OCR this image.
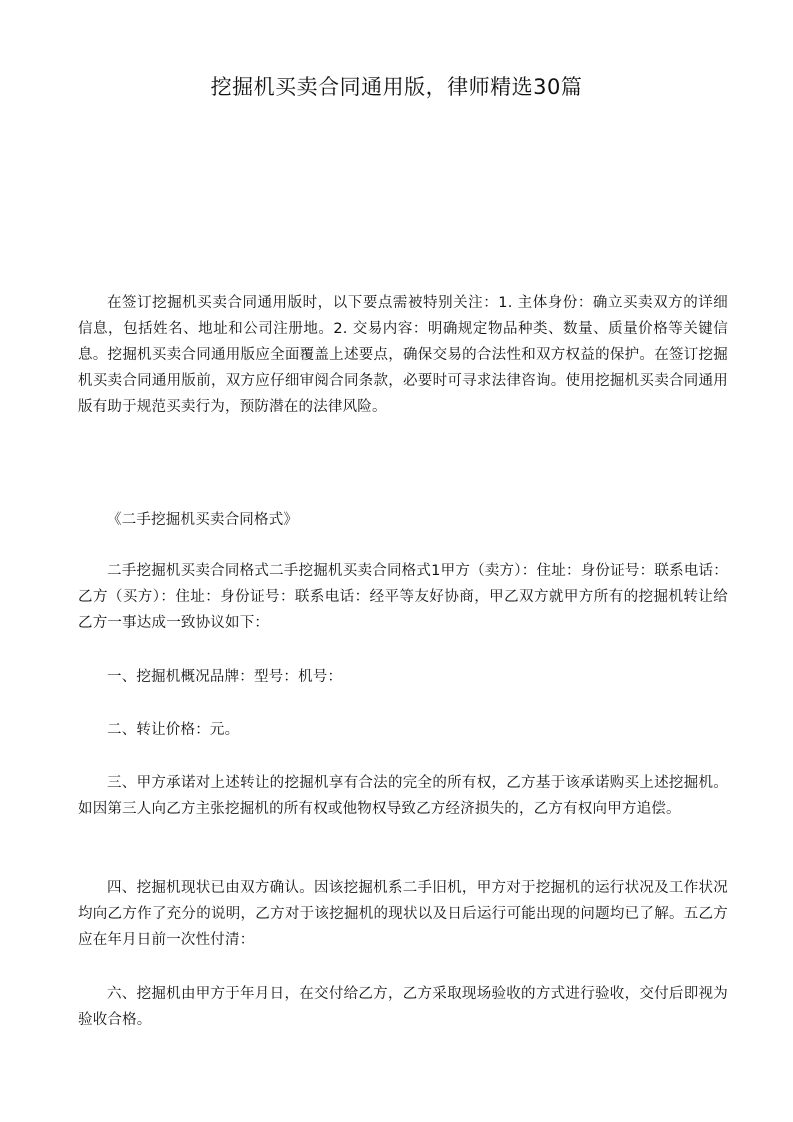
挖掘机买卖合同通用版，律师精选30篇

在签订挖掘机买卖合同通用版时，以下要点需被特别关注：1. 主体身份：确立买卖双方的详细信息，包括姓名、地址和公司注册地。2. 交易内容：明确规定物品种类、数量、质量价格等关键信息。挖掘机买卖合同通用版应全面覆盖上述要点，确保交易的合法性和双方权益的保护。在签订挖掘机买卖合同通用版前，双方应仔细审阅合同条款，必要时可寻求法律咨询。使用挖掘机买卖合同通用版有助于规范买卖行为，预防潜在的法律风险。

《二手挖掘机买卖合同格式》

二手挖掘机买卖合同格式二手挖掘机买卖合同格式1甲方（卖方）：住址：身份证号：联系电话：乙方（买方）：住址：身份证号：联系电话：经平等友好协商，甲乙双方就甲方所有的挖掘机转让给乙方一事达成一致协议如下：

一、挖掘机概况品牌：型号：机号：

二、转让价格：元。

三、甲方承诺对上述转让的挖掘机享有合法的完全的所有权，乙方基于该承诺购买上述挖掘机。如因第三人向乙方主张挖掘机的所有权或他物权导致乙方经济损失的，乙方有权向甲方追偿。

四、挖掘机现状已由双方确认。因该挖掘机系二手旧机，甲方对于挖掘机的运行状况及工作状况均向乙方作了充分的说明，乙方对于该挖掘机的现状以及日后运行可能出现的问题均已了解。五乙方应在年月日前一次性付清：

六、挖掘机由甲方于年月日，在交付给乙方，乙方采取现场验收的方式进行验收，交付后即视为验收合格。
